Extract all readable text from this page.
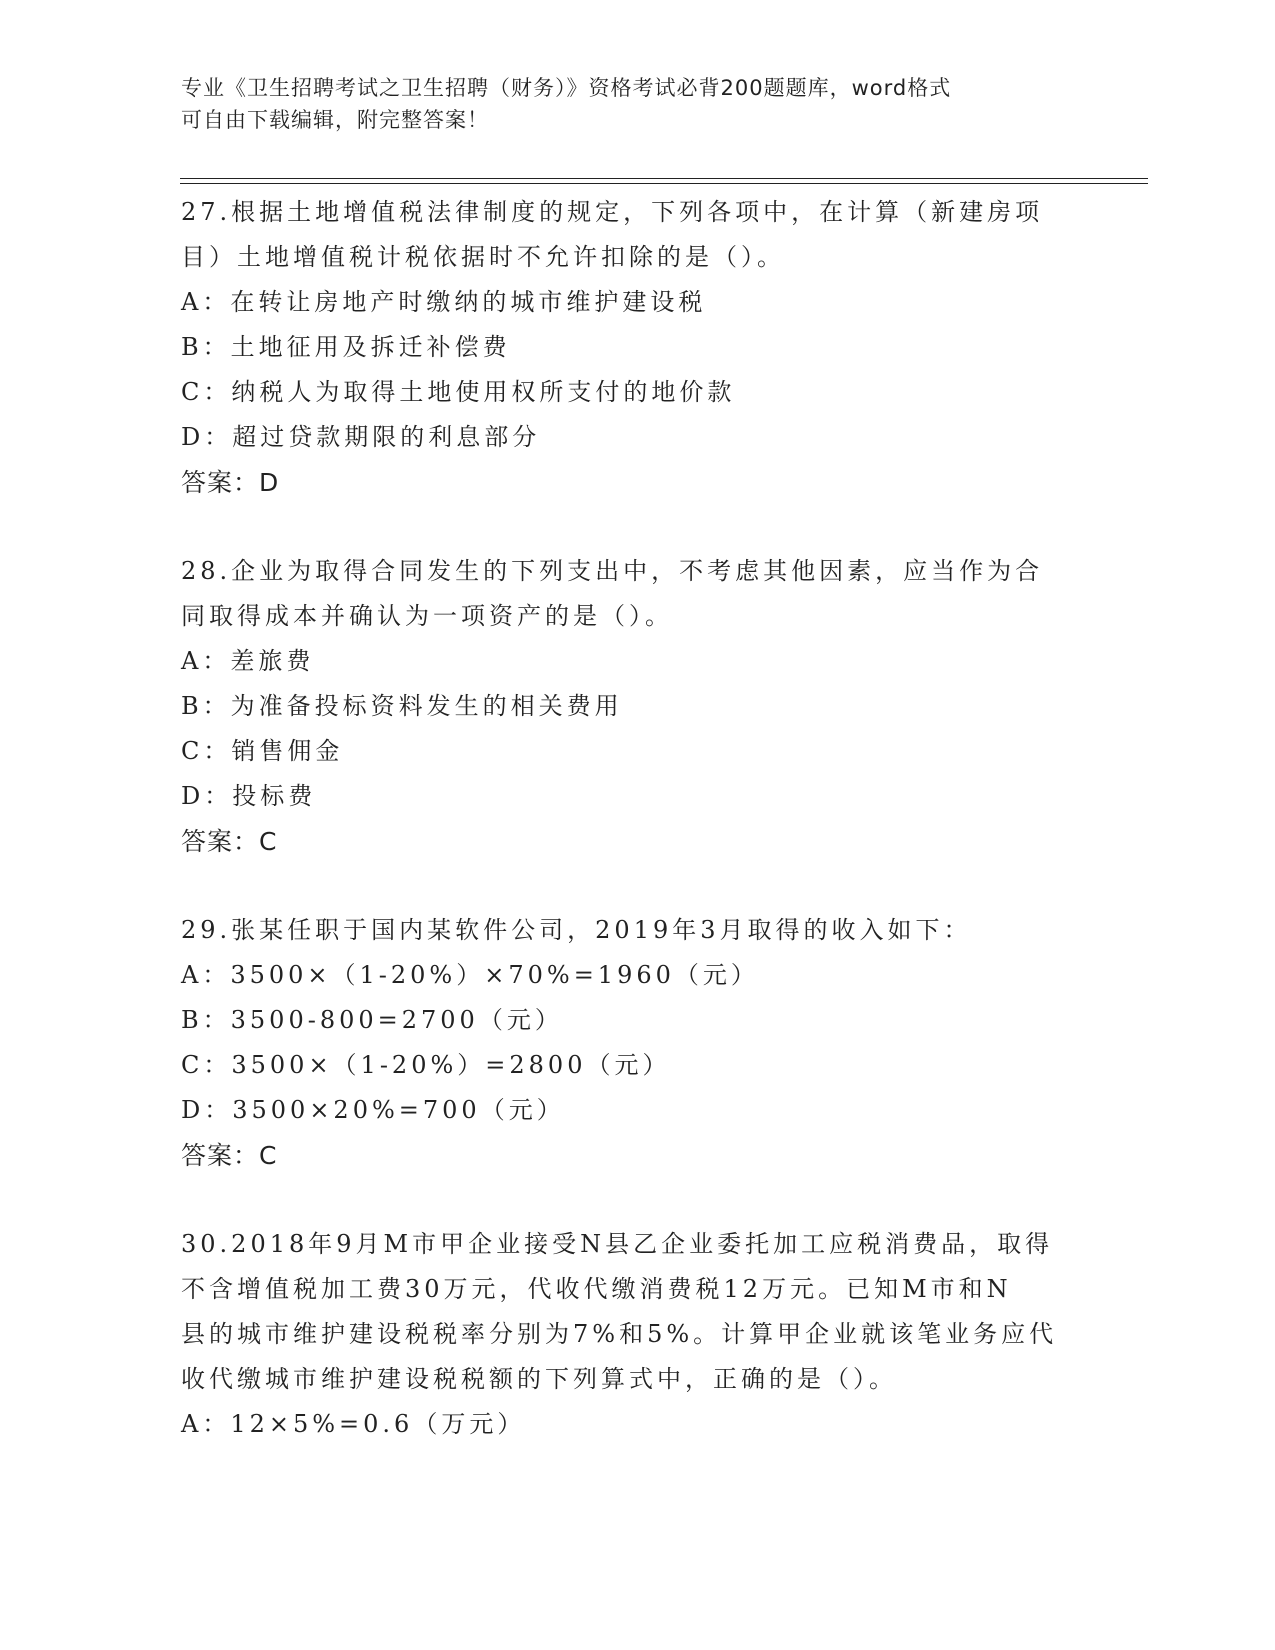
专业《卫生招聘考试之卫生招聘（财务）》资格考试必背200题题库，word格式
可自由下载编辑，附完整答案！
27.根据土地增值税法律制度的规定，下列各项中，在计算（新建房项
目）土地增值税计税依据时不允许扣除的是（）。
A：在转让房地产时缴纳的城市维护建设税
B：土地征用及拆迁补偿费
C：纳税人为取得土地使用权所支付的地价款
D：超过贷款期限的利息部分
答案：D
28.企业为取得合同发生的下列支出中，不考虑其他因素，应当作为合
同取得成本并确认为一项资产的是（）。
A：差旅费
B：为准备投标资料发生的相关费用
C：销售佣金
D：投标费
答案：C
29.张某任职于国内某软件公司，2019年3月取得的收入如下：
A：3500×（1-20%）×70%=1960（元）
B：3500-800=2700（元）
C：3500×（1-20%）=2800（元）
D：3500×20%=700（元）
答案：C
30.2018年9月M市甲企业接受N县乙企业委托加工应税消费品，取得
不含增值税加工费30万元，代收代缴消费税12万元。已知M市和N
县的城市维护建设税税率分别为7%和5%。计算甲企业就该笔业务应代
收代缴城市维护建设税税额的下列算式中，正确的是（）。
A：12×5%=0.6（万元）
